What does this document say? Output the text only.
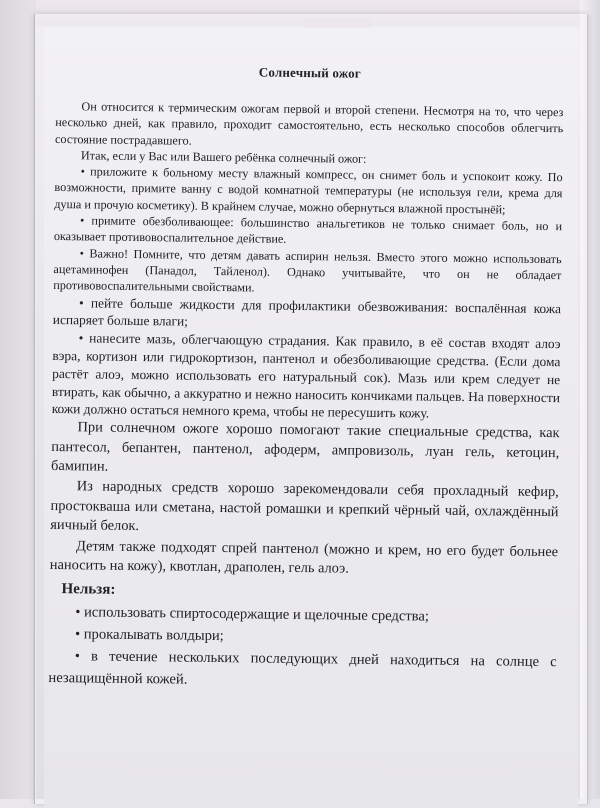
Солнечный ожог

Он относится к термическим ожогам первой и второй степени. Несмотря на то, что через несколько дней, как правило, проходит самостоятельно, есть несколько способов облегчить состояние пострадавшего.

Итак, если у Вас или Вашего ребёнка солнечный ожог:

• приложите к больному месту влажный компресс, он снимет боль и успокоит кожу. По возможности, примите ванну с водой комнатной температуры (не используя гели, крема для душа и прочую косметику). В крайнем случае, можно обернуться влажной простынёй;

• примите обезболивающее: большинство анальгетиков не только снимает боль, но и оказывает противовоспалительное действие.

• Важно! Помните, что детям давать аспирин нельзя. Вместо этого можно использовать ацетаминофен (Панадол, Тайленол). Однако учитывайте, что он не обладает противовоспалительными свойствами.

• пейте больше жидкости для профилактики обезвоживания: воспалённая кожа испаряет больше влаги;

• нанесите мазь, облегчающую страдания. Как правило, в её состав входят алоэ вэра, кортизон или гидрокортизон, пантенол и обезболивающие средства. (Если дома растёт алоэ, можно использовать его натуральный сок). Мазь или крем следует не втирать, как обычно, а аккуратно и нежно наносить кончиками пальцев. На поверхности кожи должно остаться немного крема, чтобы не пересушить кожу.

При солнечном ожоге хорошо помогают такие специальные средства, как пантесол, бепантен, пантенол, афодерм, ампровизоль, луан гель, кетоцин, бамипин.

Из народных средств хорошо зарекомендовали себя прохладный кефир, простокваша или сметана, настой ромашки и крепкий чёрный чай, охлаждённый яичный белок.

Детям также подходят спрей пантенол (можно и крем, но его будет больнее наносить на кожу), квотлан, драполен, гель алоэ.

Нельзя:

• использовать спиртосодержащие и щелочные средства;

• прокалывать волдыри;

• в течение нескольких последующих дней находиться на солнце с незащищённой кожей.
